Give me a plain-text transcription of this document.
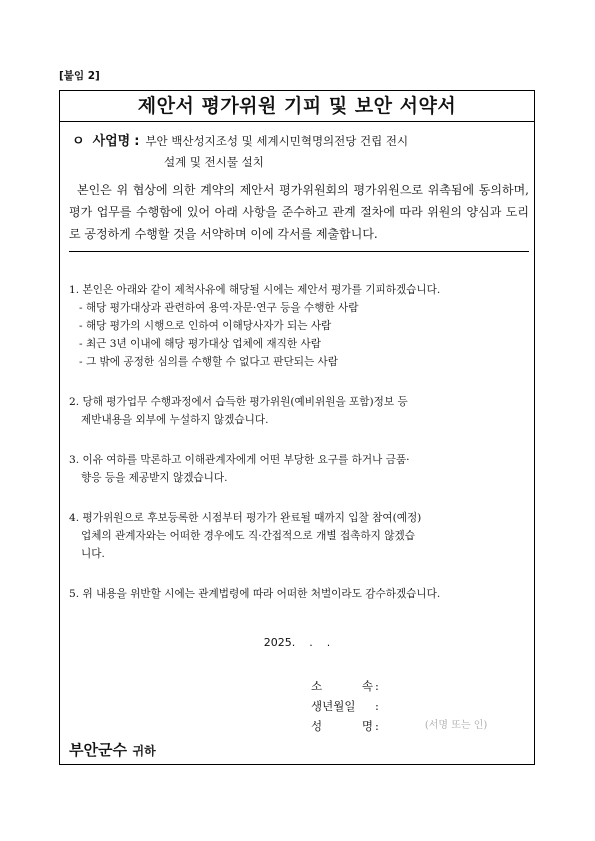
[붙임 2]
제안서 평가위원 기피 및 보안 서약서
ㅇ 사업명 : 부안 백산성지조성 및 세계시민혁명의전당 건립 전시
설계 및 전시물 설치
본인은 위 협상에 의한 계약의 제안서 평가위원회의 평가위원으로 위촉됨에 동의하며, 평가 업무를 수행함에 있어 아래 사항을 준수하고 관계 절차에 따라 위원의 양심과 도리로 공정하게 수행할 것을 서약하며 이에 각서를 제출합니다.
1. 본인은 아래와 같이 제척사유에 해당될 시에는 제안서 평가를 기피하겠습니다.
- 해당 평가대상과 관련하여 용역·자문·연구 등을 수행한 사람
- 해당 평가의 시행으로 인하여 이해당사자가 되는 사람
- 최근 3년 이내에 해당 평가대상 업체에 재직한 사람
- 그 밖에 공정한 심의를 수행할 수 없다고 판단되는 사람
2. 당해 평가업무 수행과정에서 습득한 평가위원(예비위원을 포함)정보 등
제반내용을 외부에 누설하지 않겠습니다.
3. 이유 여하를 막론하고 이해관계자에게 어떤 부당한 요구를 하거나 금품·
향응 등을 제공받지 않겠습니다.
4. 평가위원으로 후보등록한 시점부터 평가가 완료될 때까지 입찰 참여(예정)
업체의 관계자와는 어떠한 경우에도 직·간접적으로 개별 접촉하지 않겠습
니다.
5. 위 내용을 위반할 시에는 관계법령에 따라 어떠한 처벌이라도 감수하겠습니다.
2025.    .    .
소 속 :
생년월일	:
성 명 :	(서명 또는 인)
부안군수 귀하
